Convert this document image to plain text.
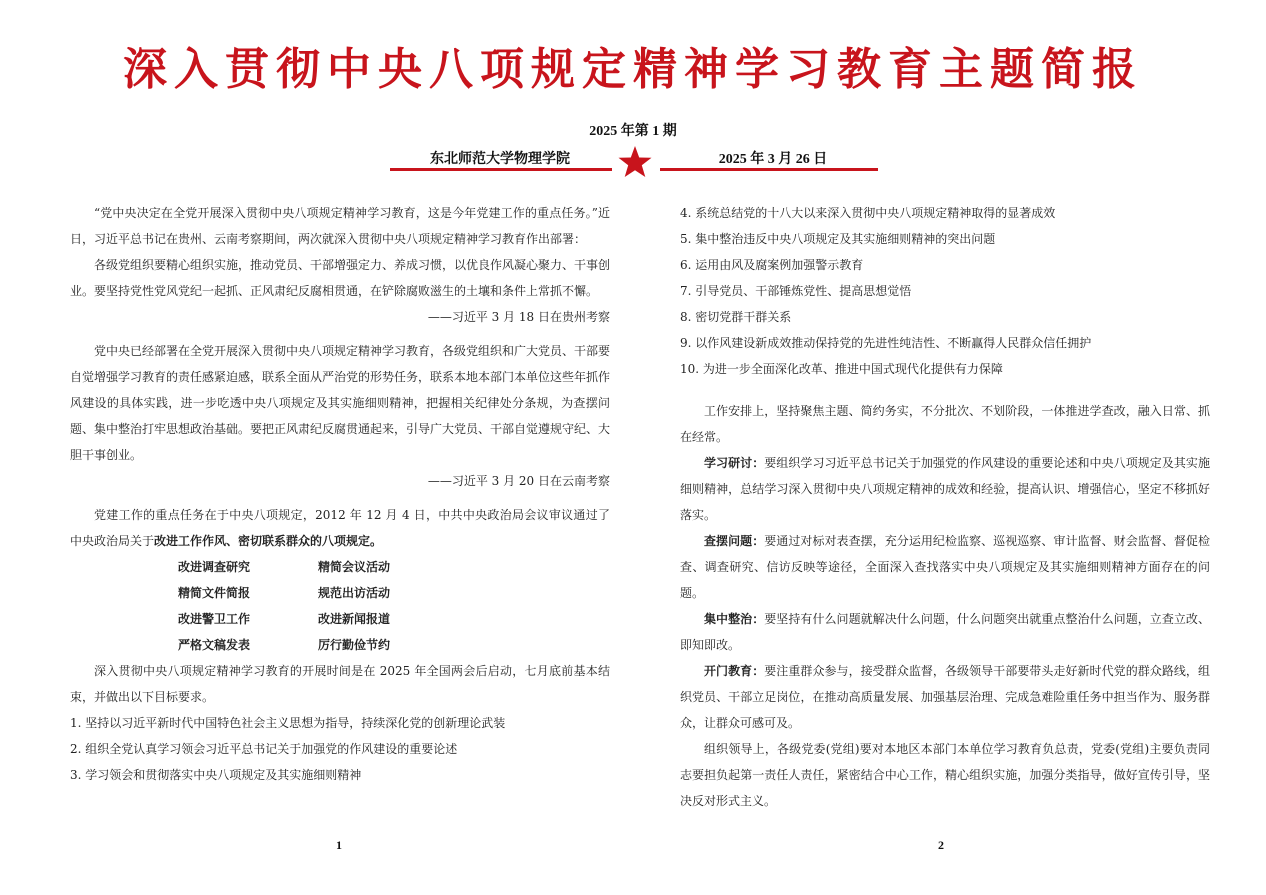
深入贯彻中央八项规定精神学习教育主题简报
2025 年第 1 期
东北师范大学物理学院	2025 年 3 月 26 日
“党中央决定在全党开展深入贯彻中央八项规定精神学习教育，这是今年党建工作的重点任务。”近日，习近平总书记在贵州、云南考察期间，两次就深入贯彻中央八项规定精神学习教育作出部署：
各级党组织要精心组织实施，推动党员、干部增强定力、养成习惯，以优良作风凝心聚力、干事创业。要坚持党性党风党纪一起抓、正风肃纪反腐相贯通，在铲除腐败滋生的土壤和条件上常抓不懈。
——习近平 3 月 18 日在贵州考察
党中央已经部署在全党开展深入贯彻中央八项规定精神学习教育，各级党组织和广大党员、干部要自觉增强学习教育的责任感紧迫感，联系全面从严治党的形势任务，联系本地本部门本单位这些年抓作风建设的具体实践，进一步吃透中央八项规定及其实施细则精神，把握相关纪律处分条规，为查摆问题、集中整治打牢思想政治基础。要把正风肃纪反腐贯通起来，引导广大党员、干部自觉遵规守纪、大胆干事创业。
——习近平 3 月 20 日在云南考察
党建工作的重点任务在于中央八项规定，2012 年 12 月 4 日，中共中央政治局会议审议通过了中央政治局关于改进工作作风、密切联系群众的八项规定。
改进调查研究	精简会议活动
精简文件简报	规范出访活动
改进警卫工作	改进新闻报道
严格文稿发表	厉行勤俭节约
深入贯彻中央八项规定精神学习教育的开展时间是在 2025 年全国两会后启动，七月底前基本结束，并做出以下目标要求。
1. 坚持以习近平新时代中国特色社会主义思想为指导，持续深化党的创新理论武装
2. 组织全党认真学习领会习近平总书记关于加强党的作风建设的重要论述
3. 学习领会和贯彻落实中央八项规定及其实施细则精神
1
4. 系统总结党的十八大以来深入贯彻中央八项规定精神取得的显著成效
5. 集中整治违反中央八项规定及其实施细则精神的突出问题
6. 运用由风及腐案例加强警示教育
7. 引导党员、干部锤炼党性、提高思想觉悟
8. 密切党群干群关系
9. 以作风建设新成效推动保持党的先进性纯洁性、不断赢得人民群众信任拥护
10. 为进一步全面深化改革、推进中国式现代化提供有力保障
工作安排上，坚持聚焦主题、简约务实，不分批次、不划阶段，一体推进学查改，融入日常、抓在经常。
学习研讨：要组织学习习近平总书记关于加强党的作风建设的重要论述和中央八项规定及其实施细则精神，总结学习深入贯彻中央八项规定精神的成效和经验，提高认识、增强信心，坚定不移抓好落实。
查摆问题：要通过对标对表查摆，充分运用纪检监察、巡视巡察、审计监督、财会监督、督促检查、调查研究、信访反映等途径，全面深入查找落实中央八项规定及其实施细则精神方面存在的问题。
集中整治：要坚持有什么问题就解决什么问题，什么问题突出就重点整治什么问题，立查立改、即知即改。
开门教育：要注重群众参与，接受群众监督，各级领导干部要带头走好新时代党的群众路线，组织党员、干部立足岗位，在推动高质量发展、加强基层治理、完成急难险重任务中担当作为、服务群众，让群众可感可及。
组织领导上，各级党委(党组)要对本地区本部门本单位学习教育负总责，党委(党组)主要负责同志要担负起第一责任人责任，紧密结合中心工作，精心组织实施，加强分类指导，做好宣传引导，坚决反对形式主义。
2
